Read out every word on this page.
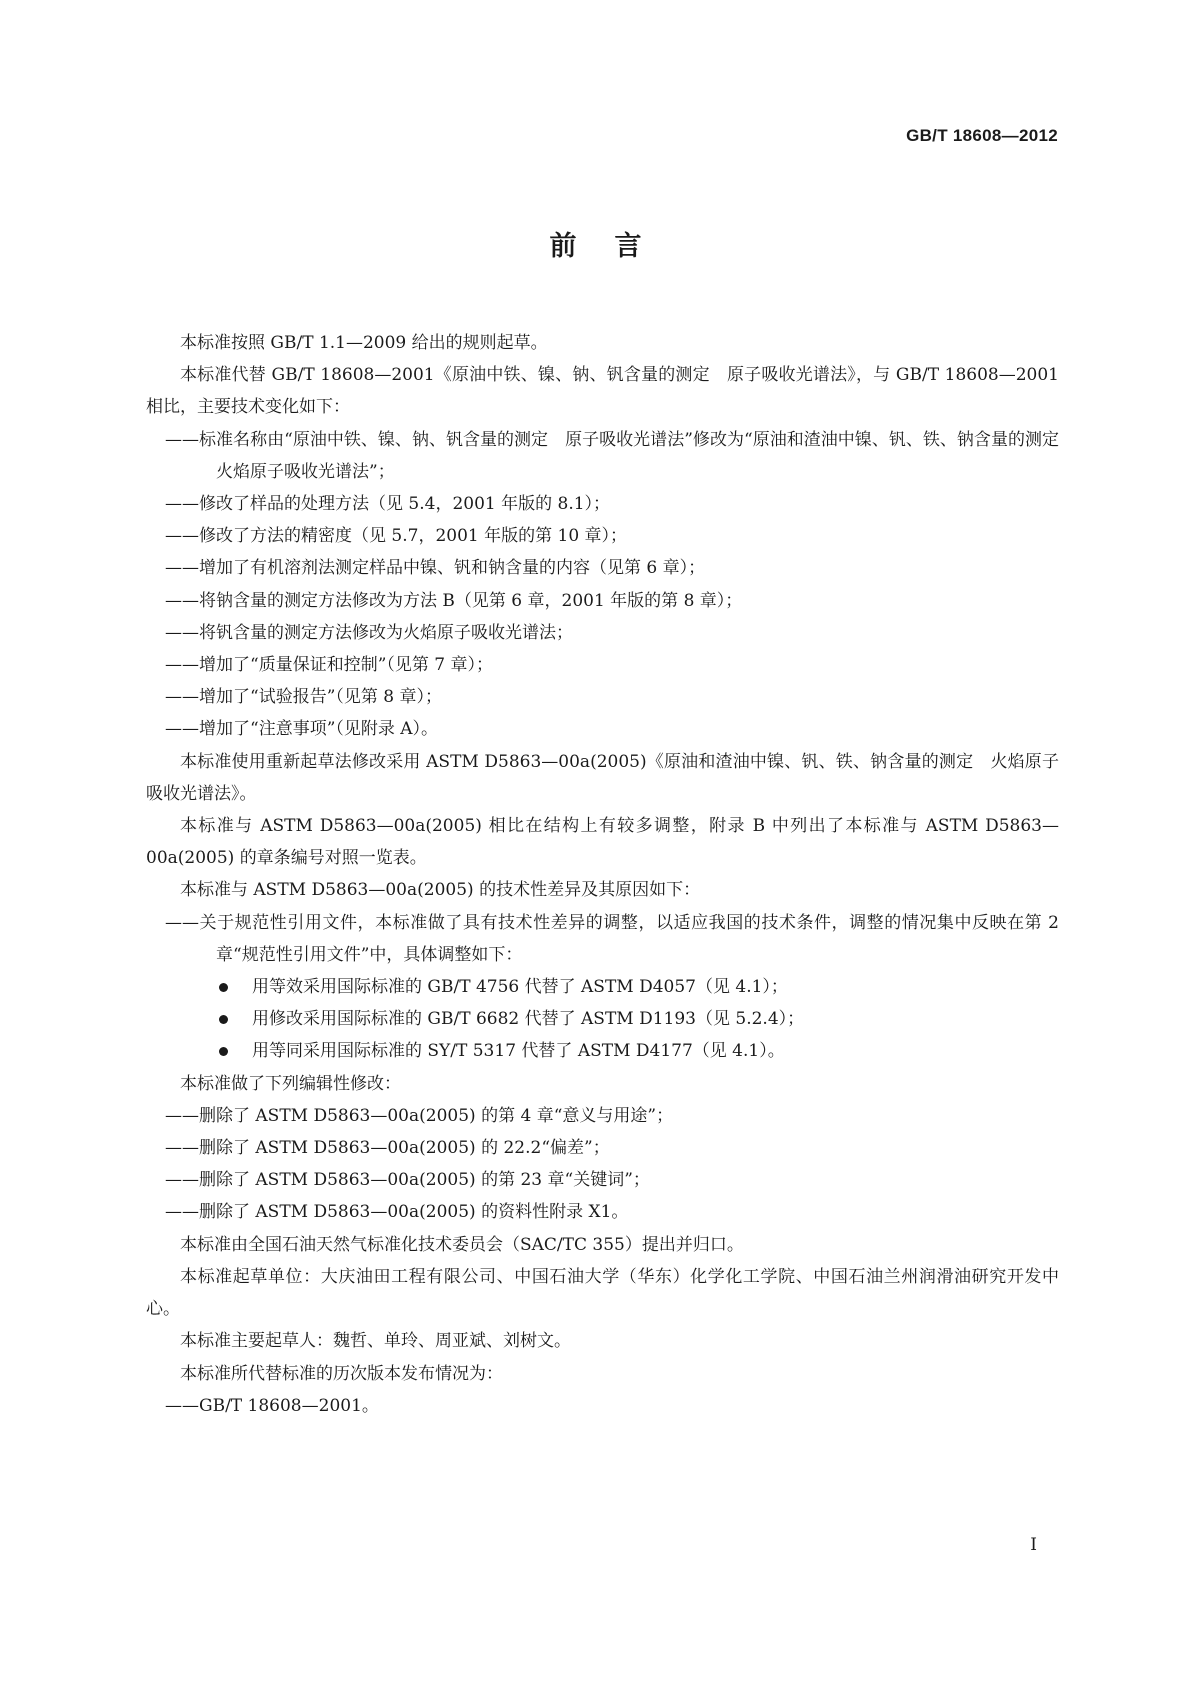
GB/T 18608—2012
前言

本标准按照 GB/T 1.1—2009 给出的规则起草。

本标准代替 GB/T 18608—2001《原油中铁、镍、钠、钒含量的测定　原子吸收光谱法》，与 GB/T 18608—2001 相比，主要技术变化如下：

——标准名称由“原油中铁、镍、钠、钒含量的测定　原子吸收光谱法”修改为“原油和渣油中镍、钒、铁、钠含量的测定　火焰原子吸收光谱法”；

——修改了样品的处理方法（见 5.4，2001 年版的 8.1）；

——修改了方法的精密度（见 5.7，2001 年版的第 10 章）；

——增加了有机溶剂法测定样品中镍、钒和钠含量的内容（见第 6 章）；

——将钠含量的测定方法修改为方法 B（见第 6 章，2001 年版的第 8 章）；

——将钒含量的测定方法修改为火焰原子吸收光谱法；

——增加了“质量保证和控制”（见第 7 章）；

——增加了“试验报告”（见第 8 章）；

——增加了“注意事项”（见附录 A）。

本标准使用重新起草法修改采用 ASTM D5863—00a(2005)《原油和渣油中镍、钒、铁、钠含量的测定　火焰原子吸收光谱法》。

本标准与 ASTM D5863—00a(2005) 相比在结构上有较多调整，附录 B 中列出了本标准与 ASTM D5863—00a(2005) 的章条编号对照一览表。

本标准与 ASTM D5863—00a(2005) 的技术性差异及其原因如下：

——关于规范性引用文件，本标准做了具有技术性差异的调整，以适应我国的技术条件，调整的情况集中反映在第 2 章“规范性引用文件”中，具体调整如下：

用等效采用国际标准的 GB/T 4756 代替了 ASTM D4057（见 4.1）；

用修改采用国际标准的 GB/T 6682 代替了 ASTM D1193（见 5.2.4）；

用等同采用国际标准的 SY/T 5317 代替了 ASTM D4177（见 4.1）。

本标准做了下列编辑性修改：

——删除了 ASTM D5863—00a(2005) 的第 4 章“意义与用途”；

——删除了 ASTM D5863—00a(2005) 的 22.2“偏差”；

——删除了 ASTM D5863—00a(2005) 的第 23 章“关键词”；

——删除了 ASTM D5863—00a(2005) 的资料性附录 X1。

本标准由全国石油天然气标准化技术委员会（SAC/TC 355）提出并归口。

本标准起草单位：大庆油田工程有限公司、中国石油大学（华东）化学化工学院、中国石油兰州润滑油研究开发中心。

本标准主要起草人：魏哲、单玲、周亚斌、刘树文。

本标准所代替标准的历次版本发布情况为：

——GB/T 18608—2001。

I
